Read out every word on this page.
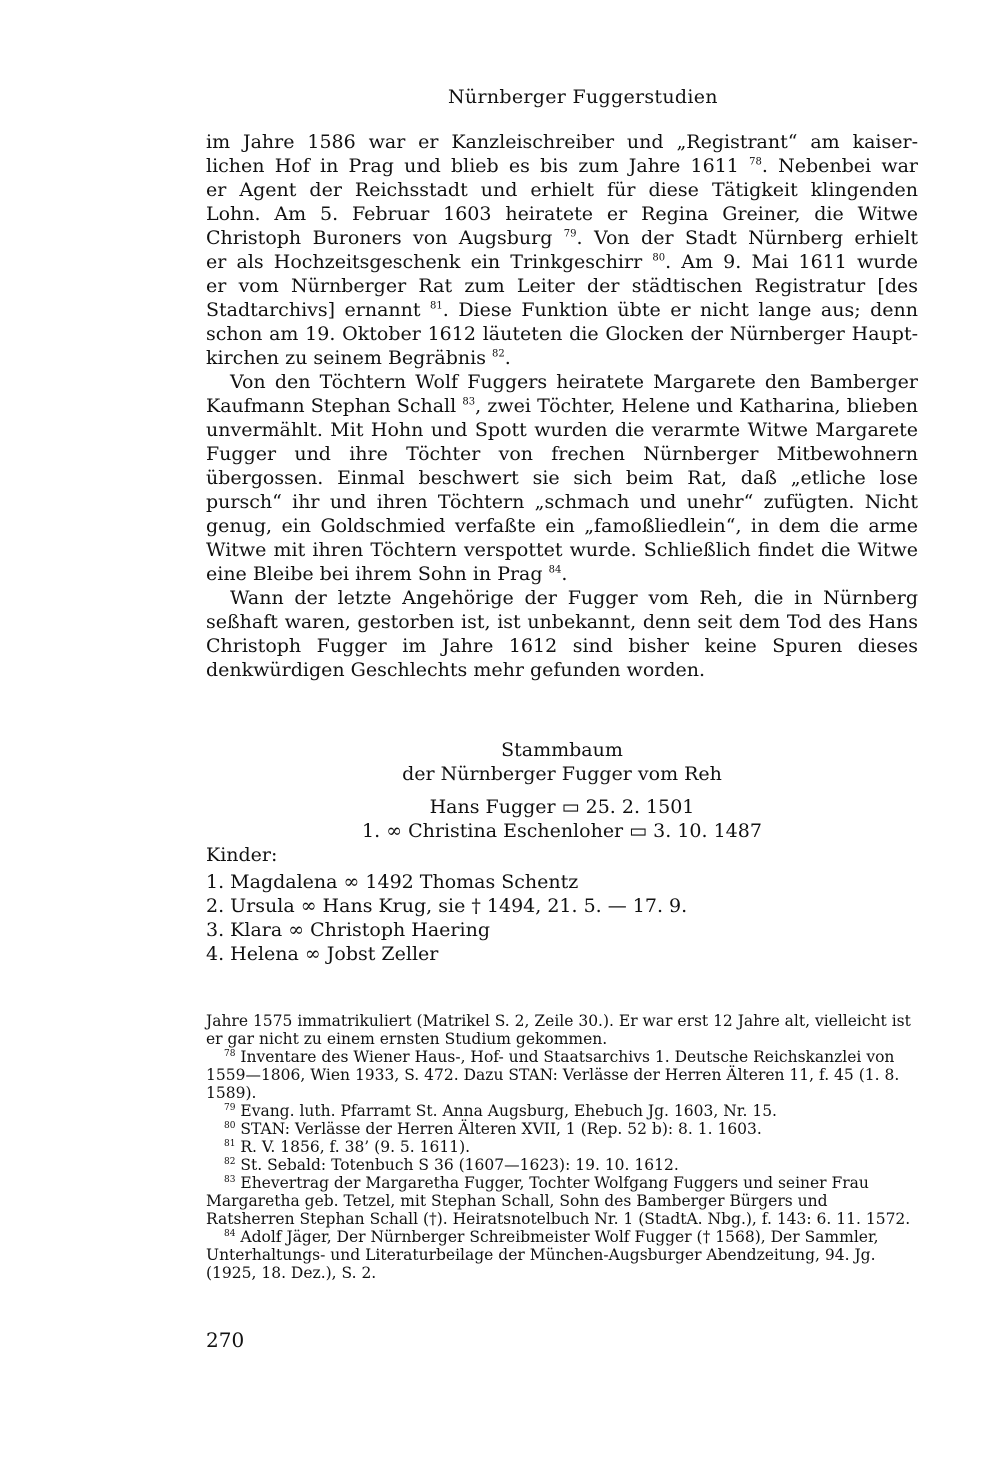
Nürnberger Fuggerstudien

im Jahre 1586 war er Kanzleischreiber und „Registrant“ am kaiser-
lichen Hof in Prag und blieb es bis zum Jahre 1611 $^{78}$. Nebenbei war
er Agent der Reichsstadt und erhielt für diese Tätigkeit klingenden
Lohn. Am 5. Februar 1603 heiratete er Regina Greiner, die Witwe
Christoph Buroners von Augsburg $^{79}$. Von der Stadt Nürnberg erhielt
er als Hochzeitsgeschenk ein Trinkgeschirr $^{80}$. Am 9. Mai 1611 wurde
er vom Nürnberger Rat zum Leiter der städtischen Registratur [des
Stadtarchivs] ernannt $^{81}$. Diese Funktion übte er nicht lange aus; denn
schon am 19. Oktober 1612 läuteten die Glocken der Nürnberger Haupt-
kirchen zu seinem Begräbnis $^{82}$.

Von den Töchtern Wolf Fuggers heiratete Margarete den Bamberger Kaufmann Stephan Schall $^{83}$, zwei Töchter, Helene und Katharina, blieben unvermählt. Mit Hohn und Spott wurden die verarmte Witwe Margarete Fugger und ihre Töchter von frechen Nürnberger Mitbewohnern übergossen. Einmal beschwert sie sich beim Rat, daß „etliche lose pursch“ ihr und ihren Töchtern „schmach und unehr“ zufügten. Nicht genug, ein Goldschmied verfaßte ein „famoßliedlein“, in dem die arme Witwe mit ihren Töchtern verspottet wurde. Schließlich findet die Witwe eine Bleibe bei ihrem Sohn in Prag $^{84}$.

Wann der letzte Angehörige der Fugger vom Reh, die in Nürnberg seßhaft waren, gestorben ist, ist unbekannt, denn seit dem Tod des Hans Christoph Fugger im Jahre 1612 sind bisher keine Spuren dieses denkwürdigen Geschlechts mehr gefunden worden.

Stammbaum
der Nürnberger Fugger vom Reh
Hans Fugger ▭ 25. 2. 1501
1. ∞ Christina Eschenloher ▭ 3. 10. 1487
Kinder:
1. Magdalena ∞ 1492 Thomas Schentz
2. Ursula ∞ Hans Krug, sie † 1494, 21. 5. — 17. 9.
3. Klara ∞ Christoph Haering
4. Helena ∞ Jobst Zeller

Jahre 1575 immatrikuliert (Matrikel S. 2, Zeile 30.). Er war erst 12 Jahre alt, vielleicht ist er gar nicht zu einem ernsten Studium gekommen.

$^{78}$ Inventare des Wiener Haus-, Hof- und Staatsarchivs 1. Deutsche Reichskanzlei von 1559—1806, Wien 1933, S. 472. Dazu STAN: Verlässe der Herren Älteren 11, f. 45 (1. 8. 1589).

$^{79}$ Evang. luth. Pfarramt St. Anna Augsburg, Ehebuch Jg. 1603, Nr. 15.

$^{80}$ STAN: Verlässe der Herren Älteren XVII, 1 (Rep. 52 b): 8. 1. 1603.

$^{81}$ R. V. 1856, f. 38’ (9. 5. 1611).

$^{82}$ St. Sebald: Totenbuch S 36 (1607—1623): 19. 10. 1612.

$^{83}$ Ehevertrag der Margaretha Fugger, Tochter Wolfgang Fuggers und seiner Frau Margaretha geb. Tetzel, mit Stephan Schall, Sohn des Bamberger Bürgers und Ratsherren Stephan Schall (†). Heiratsnotelbuch Nr. 1 (StadtA. Nbg.), f. 143: 6. 11. 1572.

$^{84}$ Adolf Jäger, Der Nürnberger Schreibmeister Wolf Fugger († 1568), Der Sammler, Unterhaltungs- und Literaturbeilage der München-Augsburger Abendzeitung, 94. Jg. (1925, 18. Dez.), S. 2.

270
